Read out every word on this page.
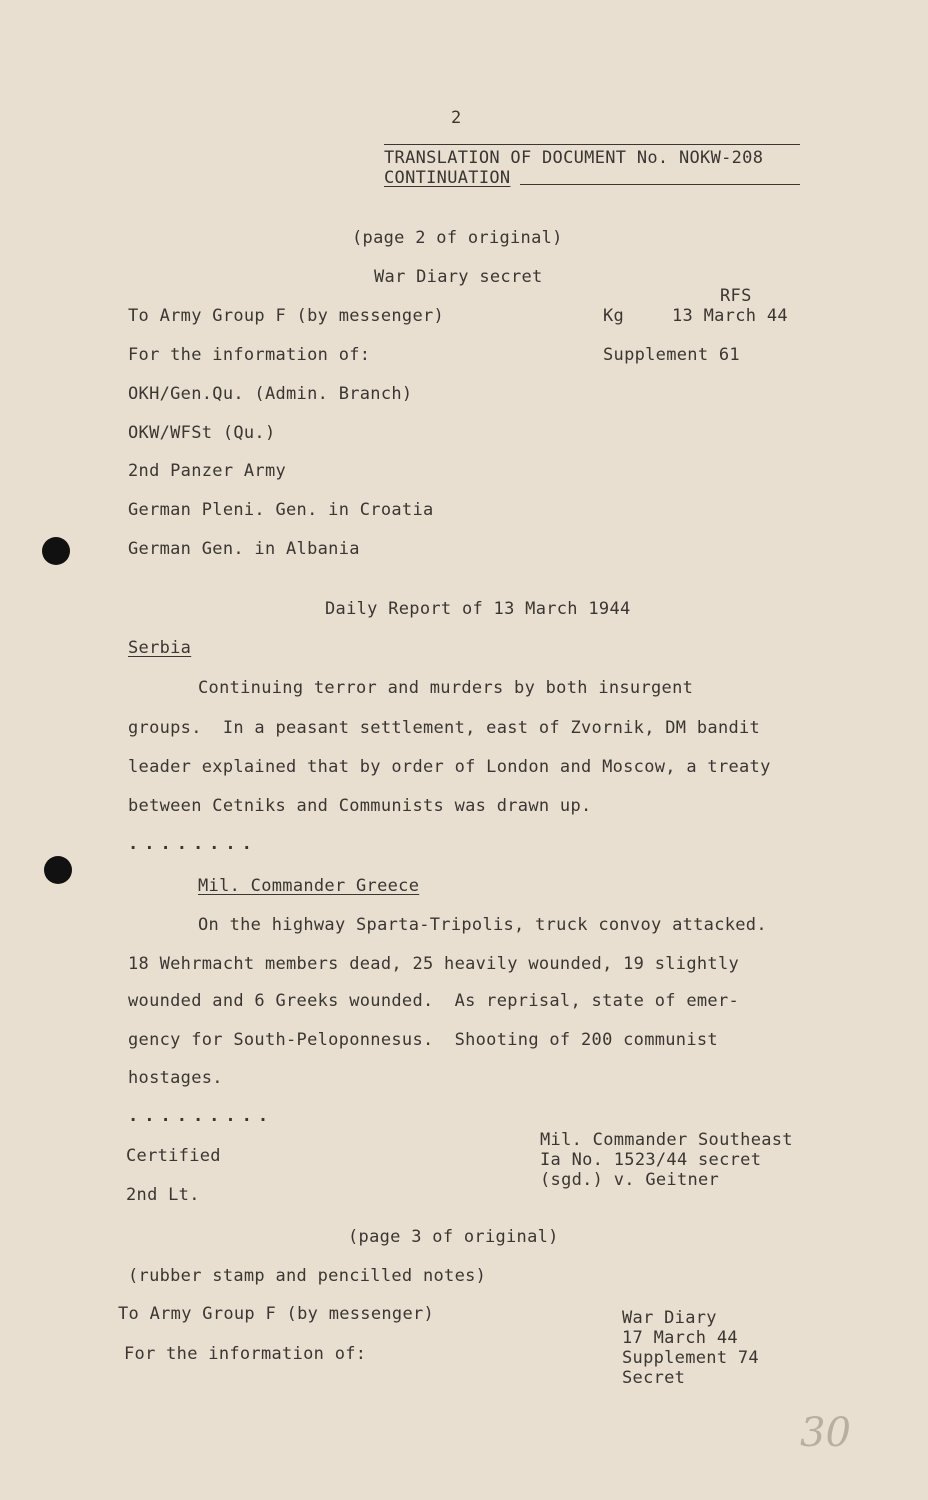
2
TRANSLATION OF DOCUMENT No. NOKW-208
CONTINUATION
(page 2 of original)
War Diary secret
RFS
To Army Group F (by messenger)	Kg	13 March 44
For the information of:	Supplement 61
OKH/Gen.Qu. (Admin. Branch)
OKW/WFSt (Qu.)
2nd Panzer Army
German Pleni. Gen. in Croatia
German Gen. in Albania
Daily Report of 13 March 1944
Serbia
Continuing terror and murders by both insurgent
groups.  In a peasant settlement, east of Zvornik, DM bandit
leader explained that by order of London and Moscow, a treaty
between Cetniks and Communists was drawn up.
........
Mil. Commander Greece
On the highway Sparta-Tripolis, truck convoy attacked.
18 Wehrmacht members dead, 25 heavily wounded, 19 slightly
wounded and 6 Greeks wounded.  As reprisal, state of emer-
gency for South-Peloponnesus.  Shooting of 200 communist
hostages.
.........
Mil. Commander Southeast
Ia No. 1523/44 secret
(sgd.) v. Geitner
Certified
2nd Lt.
(page 3 of original)
(rubber stamp and pencilled notes)
To Army Group F (by messenger)
For the information of:
War Diary
17 March 44
Supplement 74
Secret
30
